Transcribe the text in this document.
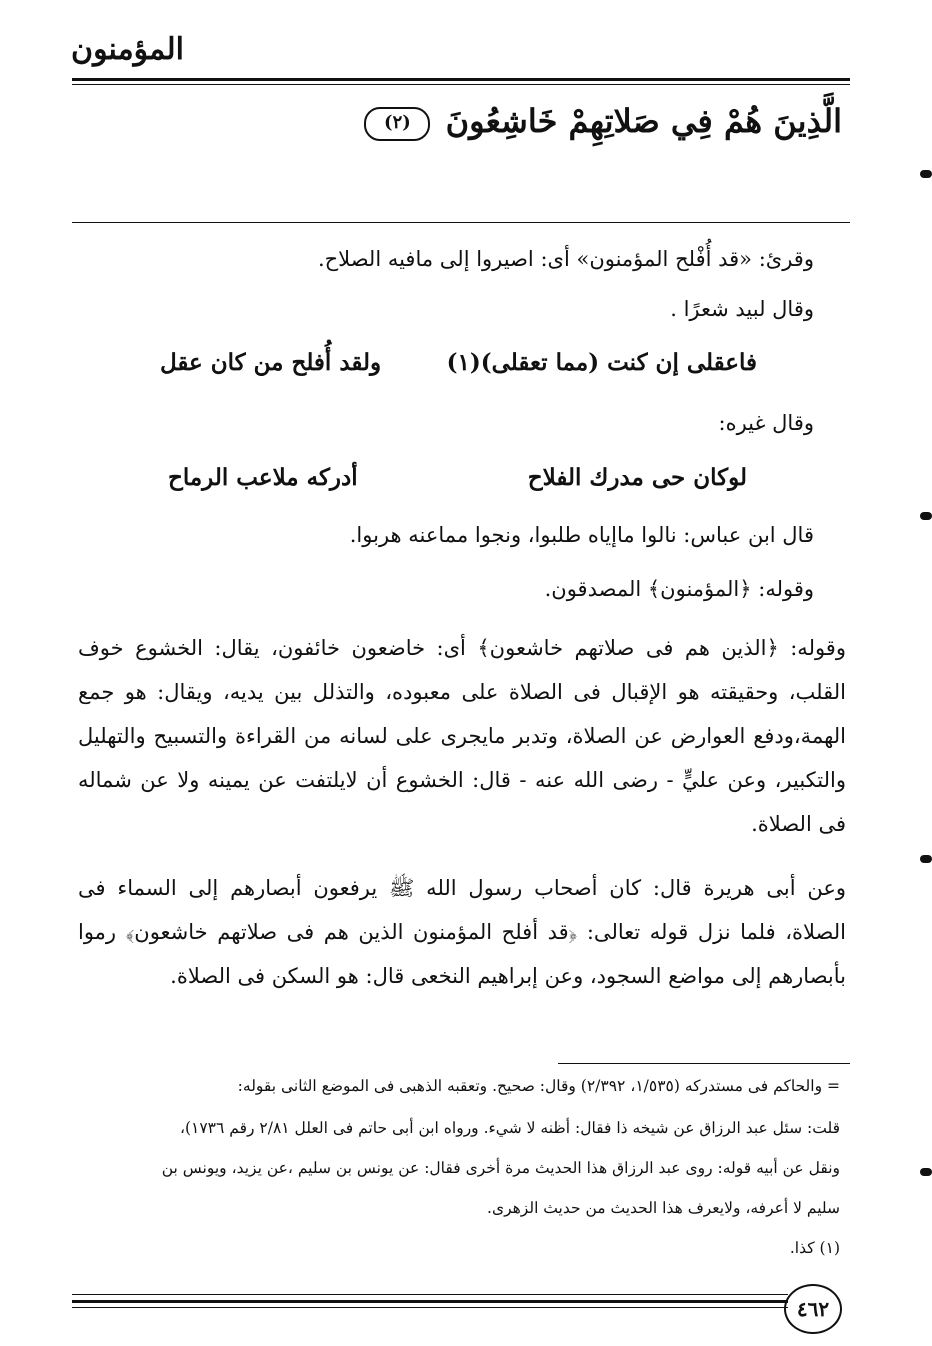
المؤمنون
الَّذِينَ هُمْ فِي صَلاتِهِمْ خَاشِعُونَ (٢)
وقرئ: «قد أُفْلح المؤمنون» أى: اصيروا إلى مافيه الصلاح.
وقال لبيد شعرًا .
فاعقلى إن كنت (مما تعقلى)(١)
ولقد أُفلح من كان عقل
وقال غيره:
لوكان حى مدرك الفلاح
أدركه ملاعب الرماح
قال ابن عباس: نالوا ماإياه طلبوا، ونجوا مماعنه هربوا.
وقوله: ﴿المؤمنون﴾ المصدقون.
وقوله: ﴿الذين هم فى صلاتهم خاشعون﴾ أى: خاضعون خائفون، يقال: الخشوع خوف القلب، وحقيقته هو الإقبال فى الصلاة على معبوده، والتذلل بين يديه، ويقال: هو جمع الهمة،ودفع العوارض عن الصلاة، وتدبر مايجرى على لسانه من القراءة والتسبيح والتهليل والتكبير، وعن عليٍّ - رضى الله عنه - قال: الخشوع أن لايلتفت عن يمينه ولا عن شماله فى الصلاة.
وعن أبى هريرة قال: كان أصحاب رسول الله ﷺ يرفعون أبصارهم إلى السماء فى الصلاة، فلما نزل قوله تعالى: ﴿قد أفلح المؤمنون الذين هم فى صلاتهم خاشعون﴾ رموا بأبصارهم إلى مواضع السجود، وعن إبراهيم النخعى قال: هو السكن فى الصلاة.
= والحاكم فى مستدركه (١/٥٣٥، ٢/٣٩٢) وقال: صحيح. وتعقبه الذهبى فى الموضع الثانى بقوله:
قلت: سئل عبد الرزاق عن شيخه ذا فقال: أظنه لا شيء. ورواه ابن أبى حاتم فى العلل ٢/٨١ رقم ١٧٣٦)،
ونقل عن أبيه قوله: روى عبد الرزاق هذا الحديث مرة أخرى فقال: عن يونس بن سليم ،عن يزيد، ويونس بن
سليم لا أعرفه، ولايعرف هذا الحديث من حديث الزهرى.
(١) كذا.
٤٦٢
